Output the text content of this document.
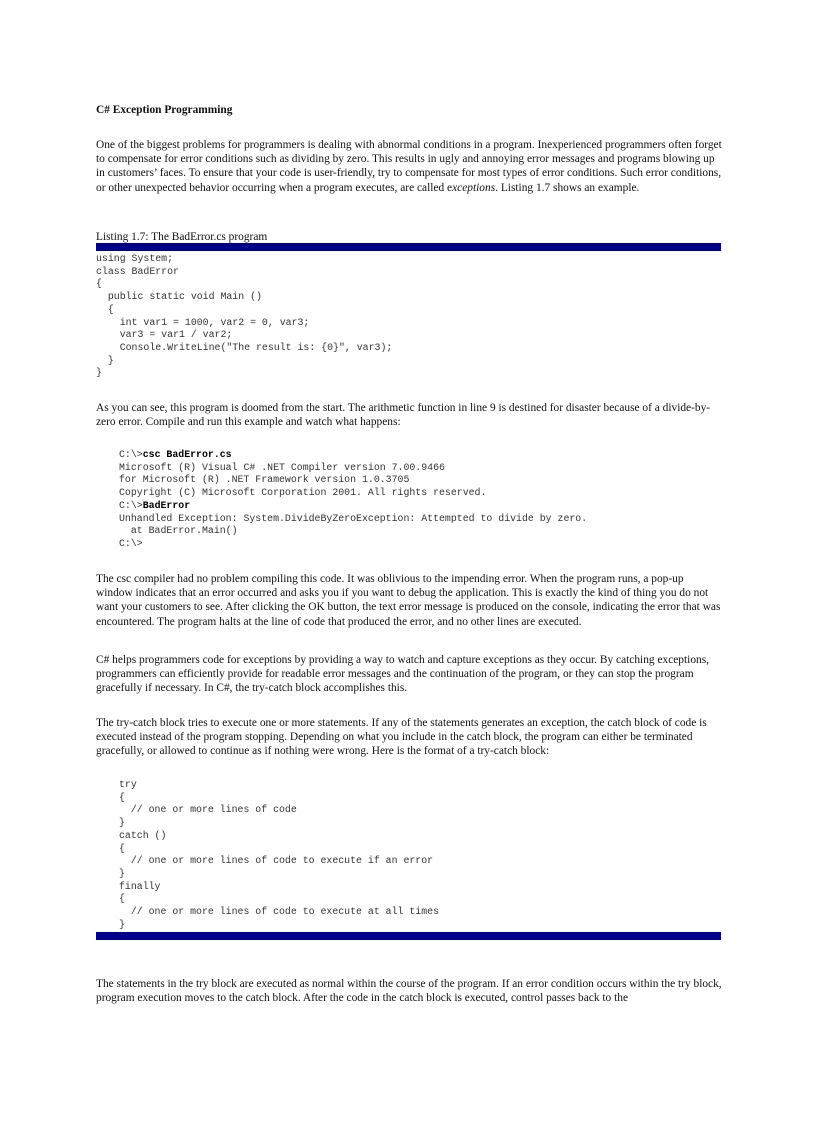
C# Exception Programming

One of the biggest problems for programmers is dealing with abnormal conditions in a program. Inexperienced programmers often forget to compensate for error conditions such as dividing by zero. This results in ugly and annoying error messages and programs blowing up in customers’ faces. To ensure that your code is user-friendly, try to compensate for most types of error conditions. Such error conditions, or other unexpected behavior occurring when a program executes, are called exceptions. Listing 1.7 shows an example.

Listing 1.7: The BadError.cs program

using System;
class BadError
{
public static void Main ()
{
int var1 = 1000, var2 = 0, var3;
var3 = var1 / var2;
Console.WriteLine("The result is: {0}", var3);
}
}

As you can see, this program is doomed from the start. The arithmetic function in line 9 is destined for disaster because of a divide-by-zero error. Compile and run this example and watch what happens:

C:\>csc BadError.cs
Microsoft (R) Visual C# .NET Compiler version 7.00.9466
for Microsoft (R) .NET Framework version 1.0.3705
Copyright (C) Microsoft Corporation 2001. All rights reserved.
C:\>BadError
Unhandled Exception: System.DivideByZeroException: Attempted to divide by zero.
at BadError.Main()
C:\>

The csc compiler had no problem compiling this code. It was oblivious to the impending error. When the program runs, a pop-up window indicates that an error occurred and asks you if you want to debug the application. This is exactly the kind of thing you do not want your customers to see. After clicking the OK button, the text error message is produced on the console, indicating the error that was encountered. The program halts at the line of code that produced the error, and no other lines are executed.

C# helps programmers code for exceptions by providing a way to watch and capture exceptions as they occur. By catching exceptions, programmers can efficiently provide for readable error messages and the continuation of the program, or they can stop the program gracefully if necessary. In C#, the try-catch block accomplishes this.

The try-catch block tries to execute one or more statements. If any of the statements generates an exception, the catch block of code is executed instead of the program stopping. Depending on what you include in the catch block, the program can either be terminated gracefully, or allowed to continue as if nothing were wrong. Here is the format of a try-catch block:

try
{
// one or more lines of code
}
catch ()
{
// one or more lines of code to execute if an error
}
finally
{
// one or more lines of code to execute at all times
}

The statements in the try block are executed as normal within the course of the program. If an error condition occurs within the try block, program execution moves to the catch block. After the code in the catch block is executed, control passes back to the
